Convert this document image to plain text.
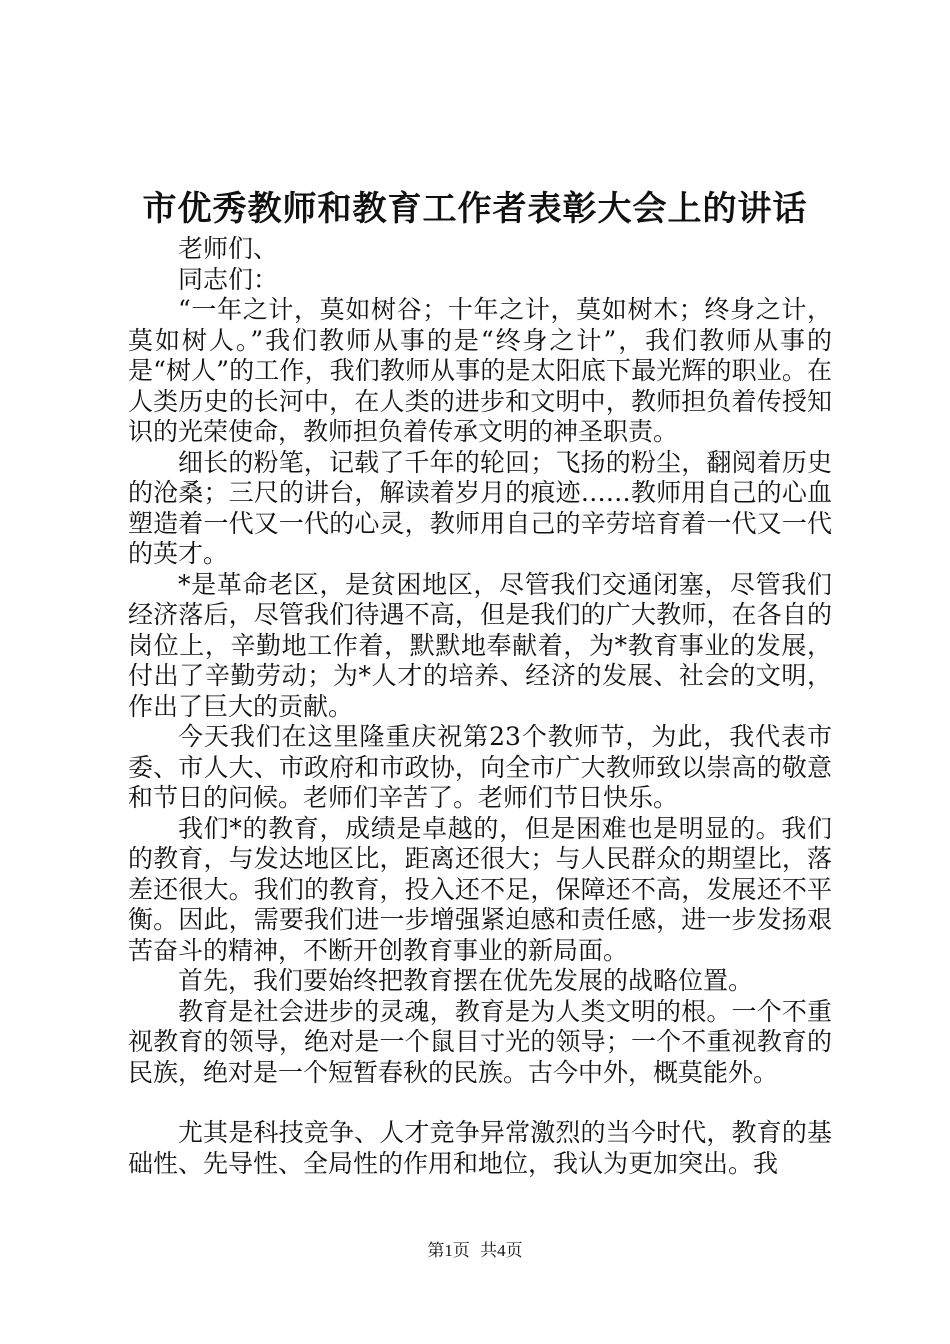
市优秀教师和教育工作者表彰大会上的讲话

老师们、

同志们：

“一年之计，莫如树谷；十年之计，莫如树木；终身之计，莫如树人。”我们教师从事的是“终身之计”，我们教师从事的是“树人”的工作，我们教师从事的是太阳底下最光辉的职业。在人类历史的长河中，在人类的进步和文明中，教师担负着传授知识的光荣使命，教师担负着传承文明的神圣职责。

细长的粉笔，记载了千年的轮回；飞扬的粉尘，翻阅着历史的沧桑；三尺的讲台，解读着岁月的痕迹……教师用自己的心血塑造着一代又一代的心灵，教师用自己的辛劳培育着一代又一代的英才。

*是革命老区，是贫困地区，尽管我们交通闭塞，尽管我们经济落后，尽管我们待遇不高，但是我们的广大教师，在各自的岗位上，辛勤地工作着，默默地奉献着，为*教育事业的发展，付出了辛勤劳动；为*人才的培养、经济的发展、社会的文明，作出了巨大的贡献。

今天我们在这里隆重庆祝第23个教师节，为此，我代表市委、市人大、市政府和市政协，向全市广大教师致以崇高的敬意和节日的问候。老师们辛苦了。老师们节日快乐。

我们*的教育，成绩是卓越的，但是困难也是明显的。我们的教育，与发达地区比，距离还很大；与人民群众的期望比，落差还很大。我们的教育，投入还不足，保障还不高，发展还不平衡。因此，需要我们进一步增强紧迫感和责任感，进一步发扬艰苦奋斗的精神，不断开创教育事业的新局面。

首先，我们要始终把教育摆在优先发展的战略位置。

教育是社会进步的灵魂，教育是为人类文明的根。一个不重视教育的领导，绝对是一个鼠目寸光的领导；一个不重视教育的民族，绝对是一个短暂春秋的民族。古今中外，概莫能外。

尤其是科技竞争、人才竞争异常激烈的当今时代，教育的基础性、先导性、全局性的作用和地位，我认为更加突出。我

第1页 共4页
